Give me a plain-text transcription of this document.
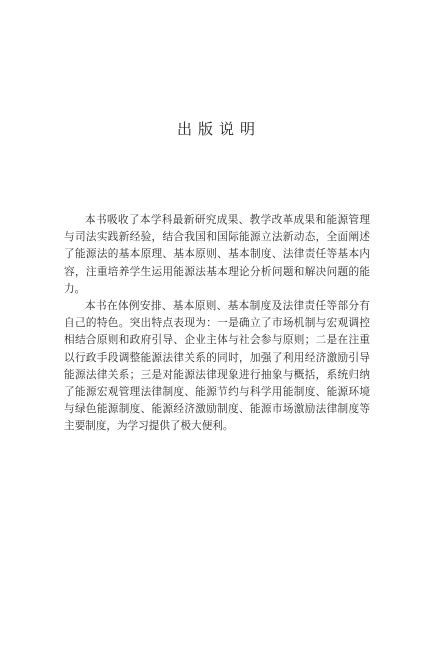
出版说明

本书吸收了本学科最新研究成果、教学改革成果和能源管理与司法实践新经验，结合我国和国际能源立法新动态，全面阐述了能源法的基本原理、基本原则、基本制度、法律责任等基本内容，注重培养学生运用能源法基本理论分析问题和解决问题的能力。

本书在体例安排、基本原则、基本制度及法律责任等部分有自己的特色。突出特点表现为：一是确立了市场机制与宏观调控相结合原则和政府引导、企业主体与社会参与原则；二是在注重以行政手段调整能源法律关系的同时，加强了利用经济激励引导能源法律关系；三是对能源法律现象进行抽象与概括，系统归纳了能源宏观管理法律制度、能源节约与科学用能制度、能源环境与绿色能源制度、能源经济激励制度、能源市场激励法律制度等主要制度，为学习提供了极大便利。
